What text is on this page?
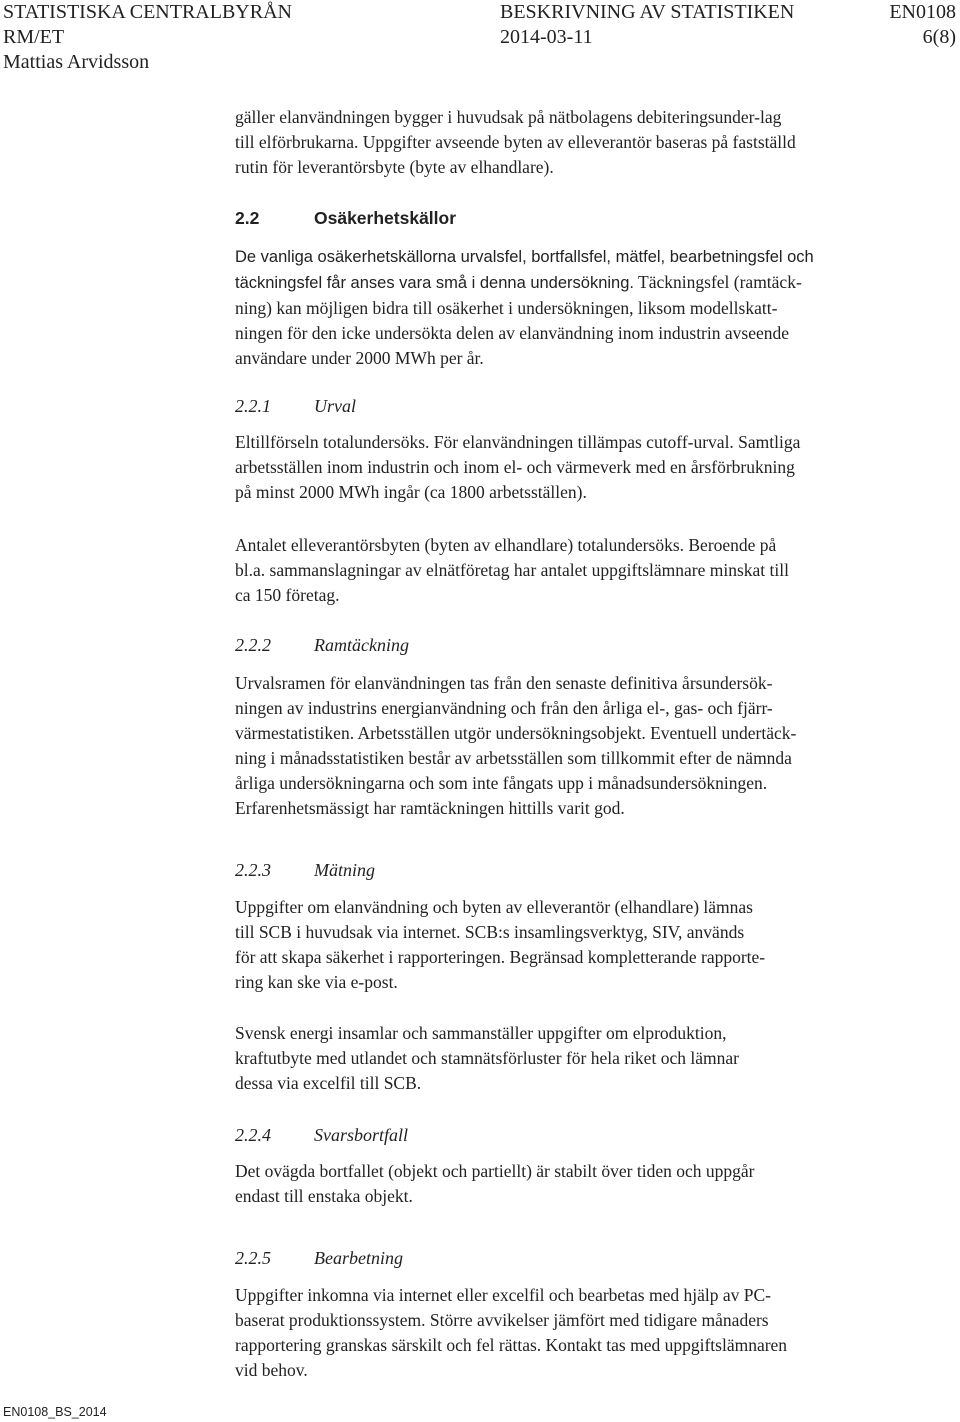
STATISTISKA CENTRALBYRÅN	BESKRIVNING AV STATISTIKEN	EN0108
RM/ET	2014-03-11	6(8)
Mattias Arvidsson
gäller elanvändningen bygger i huvudsak på nätbolagens debiteringsunder-lag
till elförbrukarna. Uppgifter avseende byten av elleverantör baseras på fastställd
rutin för leverantörsbyte (byte av elhandlare).
2.2	Osäkerhetskällor
De vanliga osäkerhetskällorna urvalsfel, bortfallsfel, mätfel, bearbetningsfel och
täckningsfel får anses vara små i denna undersökning. Täckningsfel (ramtäck-
ning) kan möjligen bidra till osäkerhet i undersökningen, liksom modellskatt-
ningen för den icke undersökta delen av elanvändning inom industrin avseende
användare under 2000 MWh per år.
2.2.1 Urval
Eltillförseln totalundersöks. För elanvändningen tillämpas cutoff-urval. Samtliga
arbetsställen inom industrin och inom el- och värmeverk med en årsförbrukning
på minst 2000 MWh ingår (ca 1800 arbetsställen).
Antalet elleverantörsbyten (byten av elhandlare) totalundersöks. Beroende på
bl.a. sammanslagningar av elnätföretag har antalet uppgiftslämnare minskat till
ca 150 företag.
2.2.2 Ramtäckning
Urvalsramen för elanvändningen tas från den senaste definitiva årsundersök-
ningen av industrins energianvändning och från den årliga el-, gas- och fjärr-
värmestatistiken. Arbetsställen utgör undersökningsobjekt. Eventuell undertäck-
ning i månadsstatistiken består av arbetsställen som tillkommit efter de nämnda
årliga undersökningarna och som inte fångats upp i månadsundersökningen.
Erfarenhetsmässigt har ramtäckningen hittills varit god.
2.2.3 Mätning
Uppgifter om elanvändning och byten av elleverantör (elhandlare) lämnas
till SCB i huvudsak via internet. SCB:s insamlingsverktyg, SIV, används
för att skapa säkerhet i rapporteringen. Begränsad kompletterande rapporte-
ring kan ske via e-post.
Svensk energi insamlar och sammanställer uppgifter om elproduktion,
kraftutbyte med utlandet och stamnätsförluster för hela riket och lämnar
dessa via excelfil till SCB.
2.2.4 Svarsbortfall
Det ovägda bortfallet (objekt och partiellt) är stabilt över tiden och uppgår
endast till enstaka objekt.
2.2.5 Bearbetning
Uppgifter inkomna via internet eller excelfil och bearbetas med hjälp av PC-
baserat produktionssystem. Större avvikelser jämfört med tidigare månaders
rapportering granskas särskilt och fel rättas. Kontakt tas med uppgiftslämnaren
vid behov.
EN0108_BS_2014
